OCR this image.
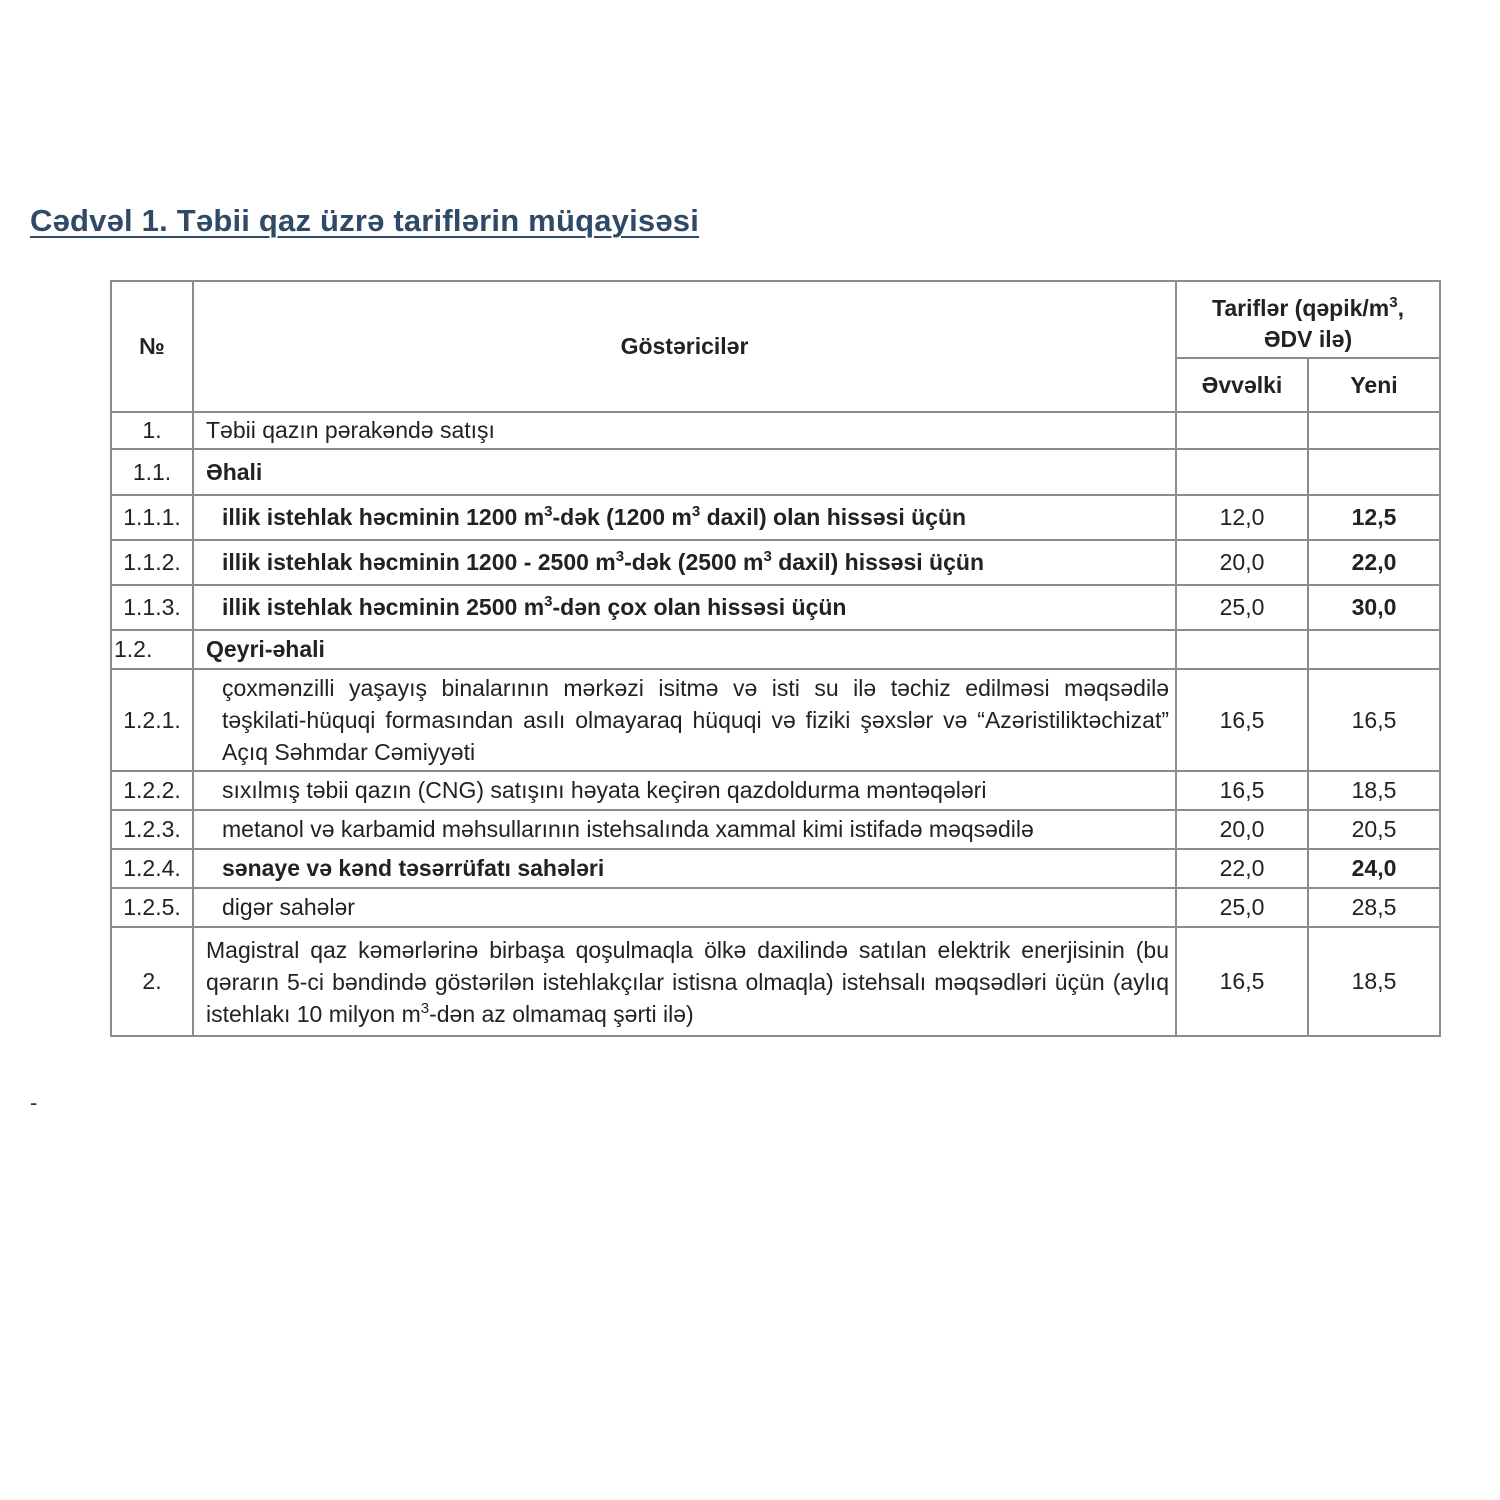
Cədvəl 1. Təbii qaz üzrə tariflərin müqayisəsi
№	Göstəricilər	Tariflər ($qəpik/m^3$,
ƏDV ilə)	
		Əvvəlki	Yeni
1.	Təbii qazın pərakəndə satışı		
1.1.	Əhali		
1.1.1.	illik istehlak həcminin 1200 $m^3$-dək (1200 $m^3$ daxil) olan hissəsi üçün	12,0	12,5
1.1.2.	illik istehlak həcminin 1200 - 2500 $m^3$-dək (2500 $m^3$ daxil) hissəsi üçün	20,0	22,0
1.1.3.	illik istehlak həcminin 2500 $m^3$-dən çox olan hissəsi üçün	25,0	30,0
1.2.	Qeyri-əhali		
1.2.1.	çoxmənzilli yaşayış binalarının mərkəzi isitmə və isti su ilə təchiz edilməsi məqsədilə təşkilati-hüquqi formasından asılı olmayaraq hüquqi və fiziki şəxslər və “Azəristiliktəchizat” Açıq Səhmdar Cəmiyyəti	16,5	16,5
1.2.2.	sıxılmış təbii qazın (CNG) satışını həyata keçirən qazdoldurma məntəqələri	16,5	18,5
1.2.3.	metanol və karbamid məhsullarının istehsalında xammal kimi istifadə məqsədilə	20,0	20,5
1.2.4.	sənaye və kənd təsərrüfatı sahələri	22,0	24,0
1.2.5.	digər sahələr	25,0	28,5
2.	Magistral qaz kəmərlərinə birbaşa qoşulmaqla ölkə daxilində satılan elektrik enerjisinin (bu qərarın 5-ci bəndində göstərilən istehlakçılar istisna olmaqla) istehsalı məqsədləri üçün (aylıq istehlakı 10 milyon $m^3$-dən az olmamaq şərti ilə)	16,5	18,5
-
